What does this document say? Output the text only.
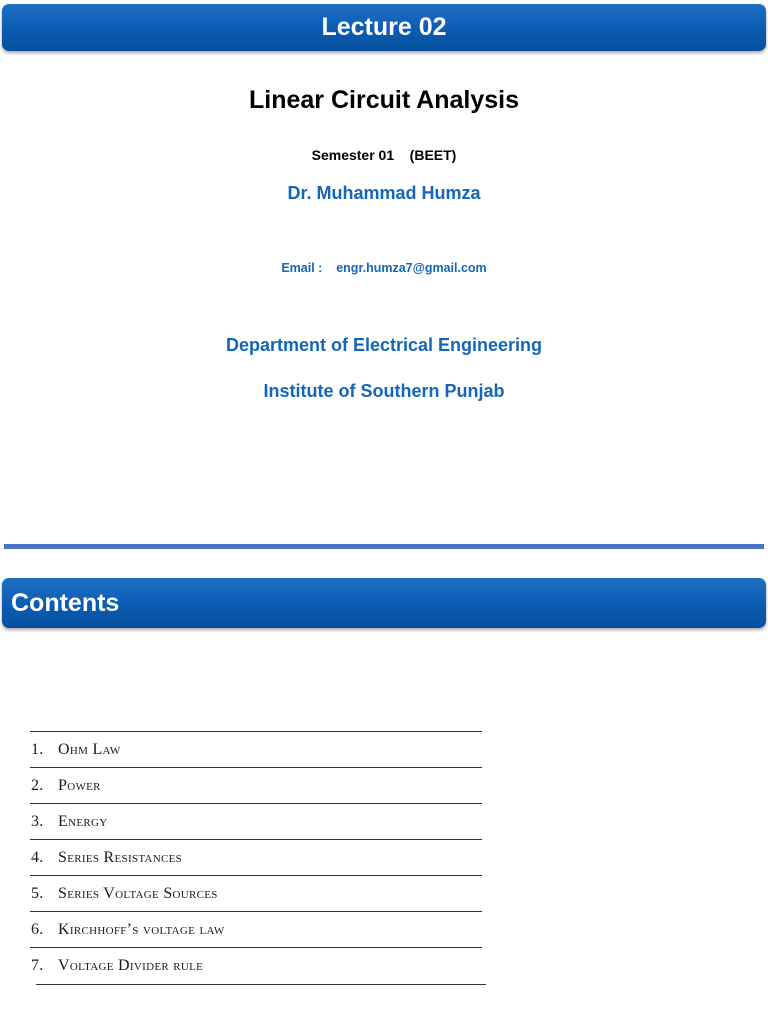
Lecture 02
Linear Circuit Analysis
Semester 01    (BEET)
Dr. Muhammad Humza
Email :    engr.humza7@gmail.com
Department of Electrical Engineering
Institute of Southern Punjab
Contents
1. Ohm Law
2. Power
3. Energy
4. Series Resistances
5. Series Voltage Sources
6. Kirchhoff’s voltage law
7. Voltage Divider rule
